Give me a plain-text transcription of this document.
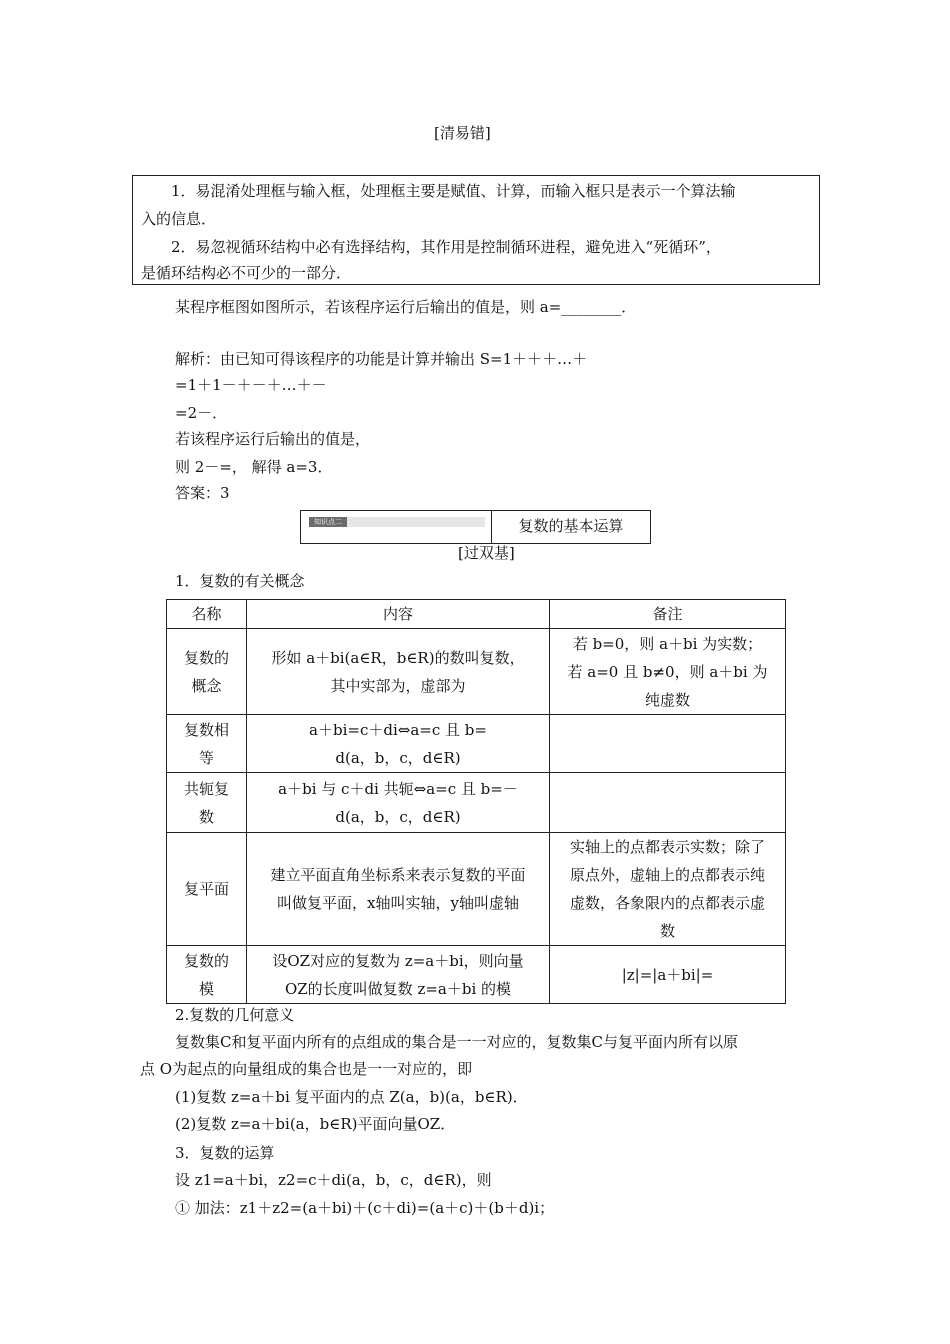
[清易错]

1．易混淆处理框与输入框，处理框主要是赋值、计算，而输入框只是表示一个算法输

入的信息．

2．易忽视循环结构中必有选择结构，其作用是控制循环进程，避免进入“死循环”，

是循环结构必不可少的一部分．

某程序框图如图所示，若该程序运行后输出的值是，则 a=________．
解析：由已知可得该程序的功能是计算并输出 S=1＋＋＋…＋
=1＋1－＋－＋…＋－
=2－．
若该程序运行后输出的值是，
则 2－=， 解得 a=3．
答案：3
知识点二	复数的基本运算
[过双基]
1．复数的有关概念
名称	内容	备注
复数的
概念	形如 a＋bi(a∈R，b∈R)的数叫复数，
其中实部为，虚部为	若 b=0，则 a＋bi 为实数；
若 a=0 且 b≠0，则 a＋bi 为
纯虚数
复数相
等	a＋bi=c＋di⇔a=c 且 b=
d(a，b，c，d∈R)	
共轭复
数	a＋bi 与 c＋di 共轭⇔a=c 且 b=－
d(a，b，c，d∈R)	
复平面	建立平面直角坐标系来表示复数的平面
叫做复平面，x轴叫实轴，y轴叫虚轴	实轴上的点都表示实数；除了
原点外，虚轴上的点都表示纯
虚数，各象限内的点都表示虚
数
复数的
模	设OZ对应的复数为 z=a＋bi，则向量
OZ的长度叫做复数 z=a＋bi 的模	|z|=|a＋bi|=
2.复数的几何意义
复数集C和复平面内所有的点组成的集合是一一对应的，复数集C与复平面内所有以原
点 O为起点的向量组成的集合也是一一对应的，即
(1)复数 z=a＋bi 复平面内的点 Z(a，b)(a，b∈R)．
(2)复数 z=a＋bi(a，b∈R)平面向量OZ．
3．复数的运算
设 z1=a＋bi，z2=c＋di(a，b，c，d∈R)，则
① 加法：z1＋z2=(a＋bi)＋(c＋di)=(a＋c)＋(b＋d)i；
